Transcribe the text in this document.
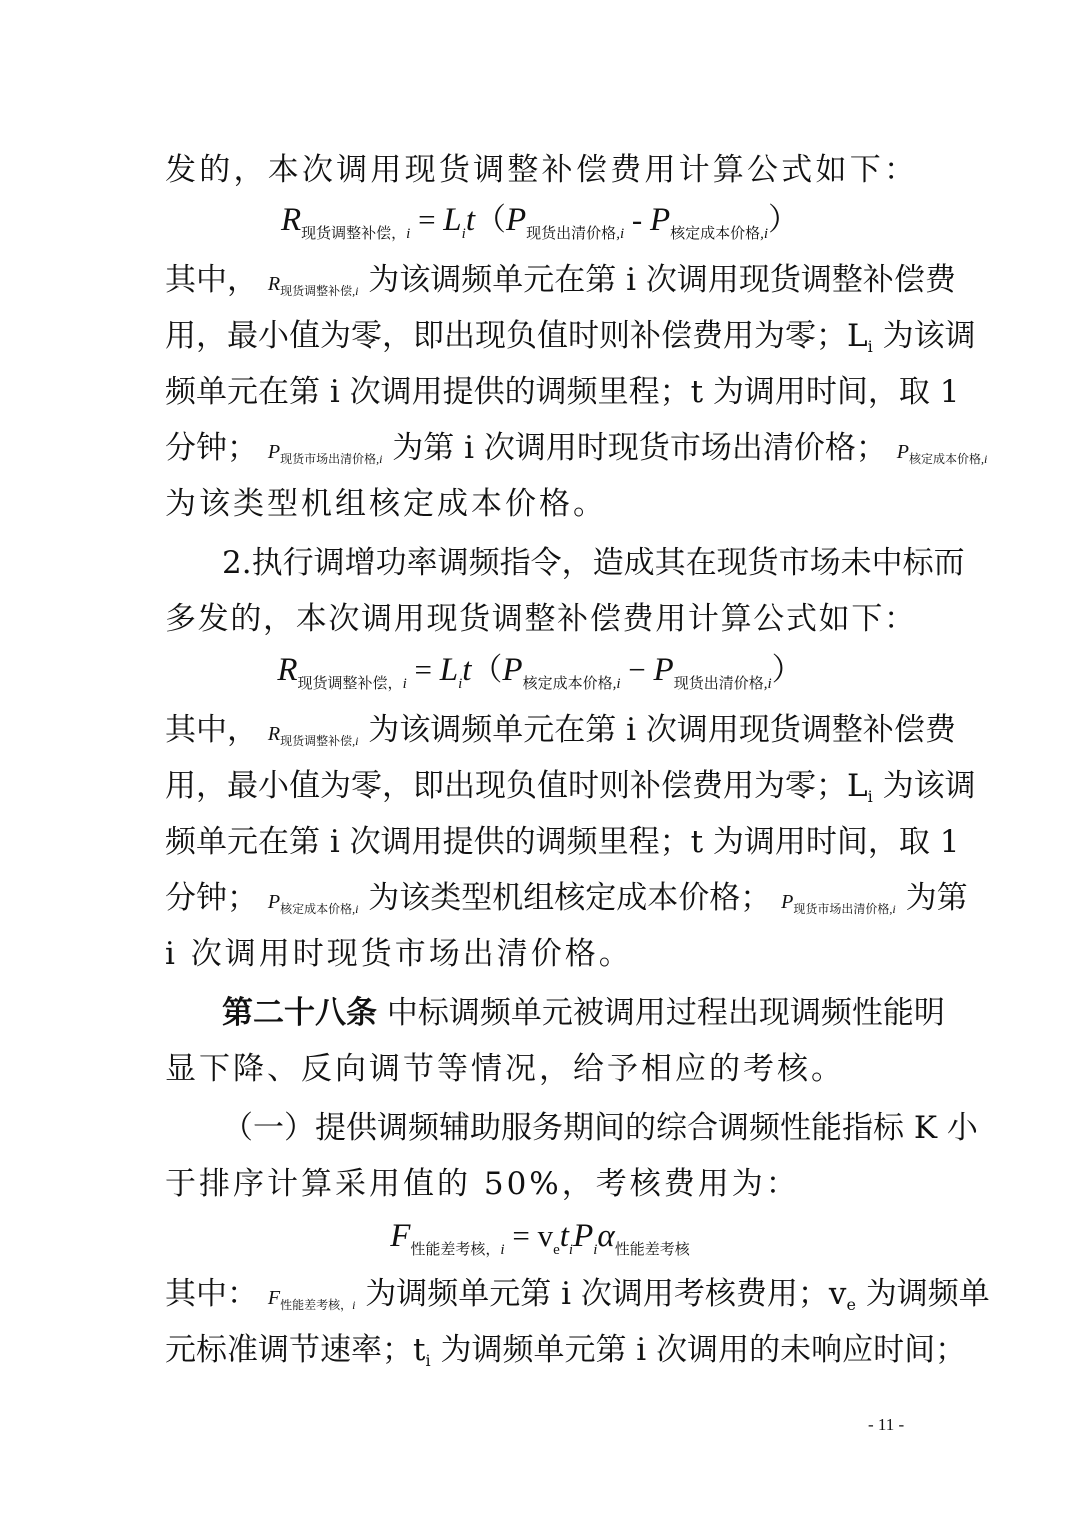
发的，本次调用现货调整补偿费用计算公式如下：
$R_{现货调整补偿,i} = L_it(P_{现货出清价格,i} - P_{核定成本价格,i})$
其中， $R_{现货调整补偿,i}$ 为该调频单元在第 i 次调用现货调整补偿费
用，最小值为零，即出现负值时则补偿费用为零；Li 为该调
频单元在第 i 次调用提供的调频里程；t 为调用时间，取 1
分钟； $P_{现货市场出清价格,i}$ 为第 i 次调用时现货市场出清价格； $P_{核定成本价格,i}$
为该类型机组核定成本价格。
2.执行调增功率调频指令，造成其在现货市场未中标而
多发的，本次调用现货调整补偿费用计算公式如下：
$R_{现货调整补偿,i} = L_it(P_{核定成本价格,i} - P_{现货出清价格,i})$
其中， $R_{现货调整补偿,i}$ 为该调频单元在第 i 次调用现货调整补偿费
用，最小值为零，即出现负值时则补偿费用为零；Li 为该调
频单元在第 i 次调用提供的调频里程；t 为调用时间，取 1
分钟； $P_{核定成本价格,i}$ 为该类型机组核定成本价格； $P_{现货市场出清价格,i}$ 为第
i 次调用时现货市场出清价格。
第二十八条 中标调频单元被调用过程出现调频性能明
显下降、反向调节等情况，给予相应的考核。
（一）提供调频辅助服务期间的综合调频性能指标 K 小
于排序计算采用值的 50%，考核费用为：
$F_{性能差考核,i} = v_et_iP_i\alpha_{性能差考核}$
其中： $F_{性能差考核,i}$ 为调频单元第 i 次调用考核费用；ve 为调频单
元标准调节速率；ti 为调频单元第 i 次调用的未响应时间；
- 11 -
